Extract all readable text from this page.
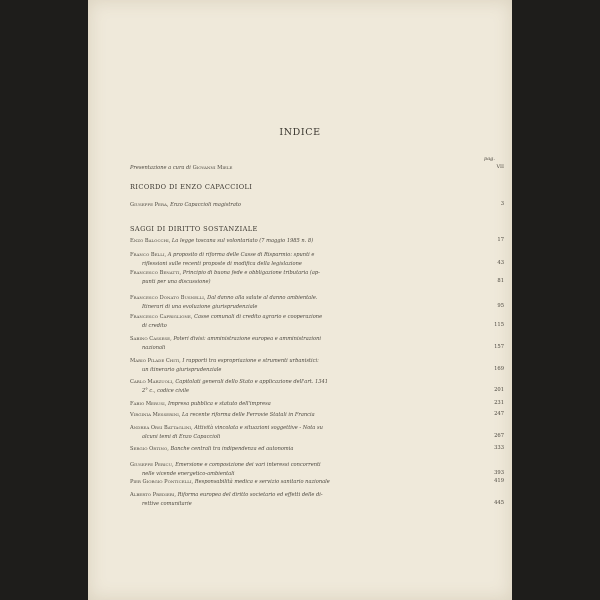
INDICE
pag.
Presentazione a cura di Giovanni Miele	VII
RICORDO DI ENZO CAPACCIOLI
SAGGI DI DIRITTO SOSTANZIALE
Giuseppe Pera, Enzo Capaccioli magistrato	3
Enzo Balocchi, La legge toscana sul volontariato (7 maggio 1985 n. 8)	17
Franco Belli, A proposito di riforma delle Casse di Risparmio: spunti e
riflessioni sulle recenti proposte di modifica della legislazione	43
Francesco Benatti, Principio di buona fede e obbligazione tributaria (ap-
punti per una discussione)	81
Francesco Donato Busnelli, Dal danno alla salute al danno ambientale.
Itinerari di una evoluzione giurisprudenziale	95
Francesco Capriglione, Casse comunali di credito agrario e cooperazione
di credito	115
Sabino Cassese, Poteri divisi: amministrazione europea e amministrazioni
nazionali	157
Mario Pilade Chiti, I rapporti tra espropriazione e strumenti urbanistici:
un itinerario giurisprudenziale	169
Carlo Marzuoli, Capitolati generali dello Stato e applicazione dell'art. 1341
2° c., codice civile	201
Fabio Merusi, Impresa pubblica e statuto dell'impresa	231
Virginia Messerini, La recente riforma delle Ferrovie Statali in Francia	247
Andrea Orsi Battaglini, Attività vincolata e situazioni soggettive - Nota su
alcuni temi di Enzo Capaccioli	267
Sergio Ortino, Banche centrali tra indipendenza ed autonomia	333
Giuseppe Pericu, Emersione e composizione dei vari interessi concorrenti
nelle vicende energetico-ambientali	393
Pier Giorgio Ponticelli, Responsabilità medica e servizio sanitario nazionale	419
Alberto Predieri, Riforma europea del diritto societario ed effetti delle di-
rettive comunitarie	445
